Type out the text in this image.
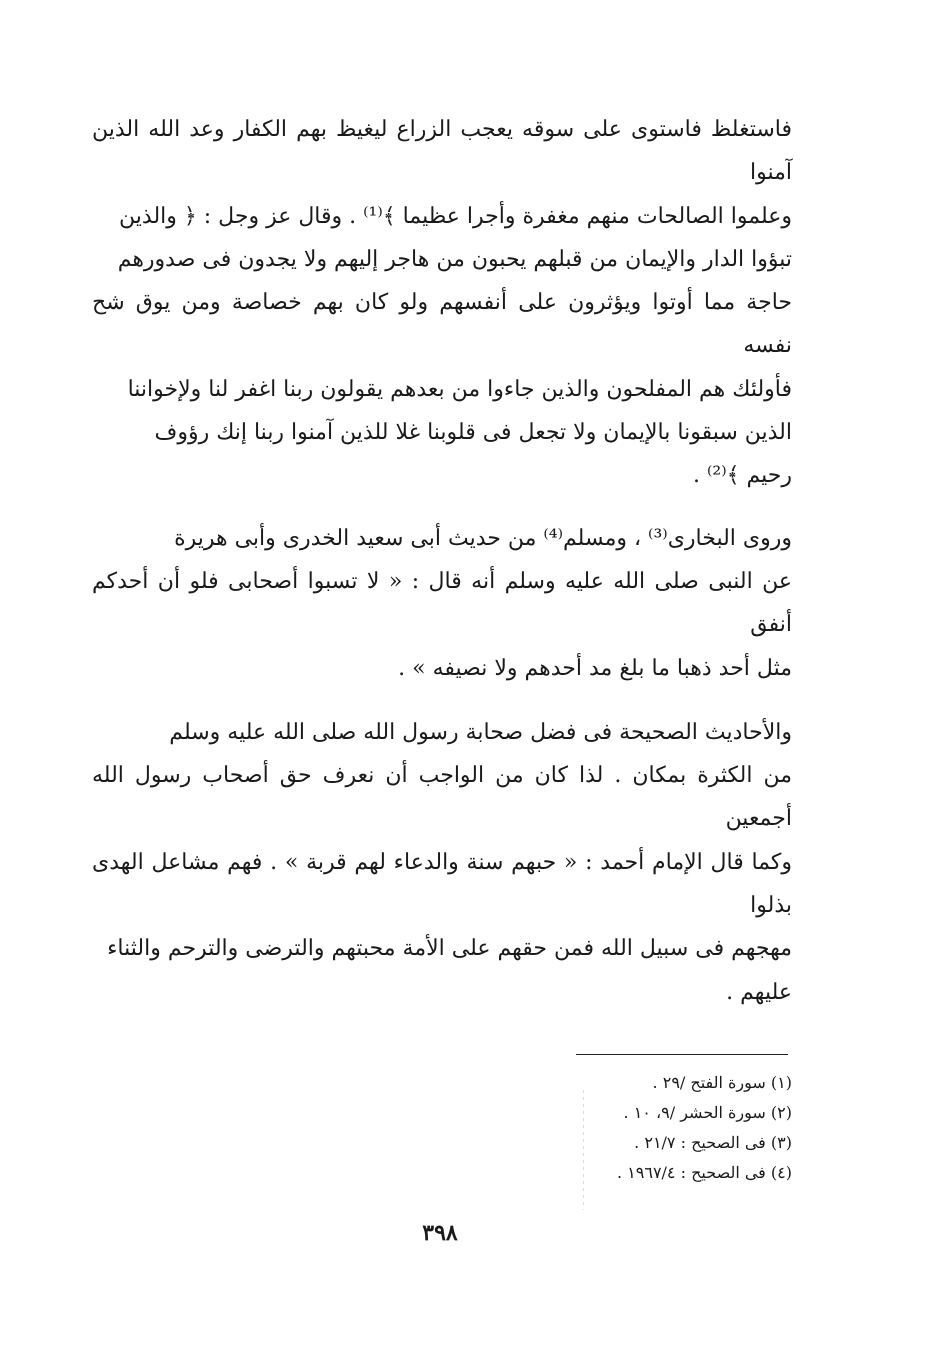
فاستغلظ فاستوى على سوقه يعجب الزراع ليغيظ بهم الكفار وعد الله الذين آمنوا
وعلموا الصالحات منهم مغفرة وأجرا عظيما ﴾⁽¹⁾ . وقال عز وجل : ﴿ والذين
تبؤوا الدار والإيمان من قبلهم يحبون من هاجر إليهم ولا يجدون فى صدورهم
حاجة مما أوتوا ويؤثرون على أنفسهم ولو كان بهم خصاصة ومن يوق شح نفسه
فأولئك هم المفلحون والذين جاءوا من بعدهم يقولون ربنا اغفر لنا ولإخواننا
الذين سبقونا بالإيمان ولا تجعل فى قلوبنا غلا للذين آمنوا ربنا إنك رؤوف
رحيم ﴾⁽²⁾ .

وروى البخارى⁽³⁾ ، ومسلم⁽⁴⁾ من حديث أبى سعيد الخدرى وأبى هريرة
عن النبى صلى الله عليه وسلم أنه قال : « لا تسبوا أصحابى فلو أن أحدكم أنفق
مثل أحد ذهبا ما بلغ مد أحدهم ولا نصيفه » .

والأحاديث الصحيحة فى فضل صحابة رسول الله صلى الله عليه وسلم
من الكثرة بمكان . لذا كان من الواجب أن نعرف حق أصحاب رسول الله أجمعين
وكما قال الإمام أحمد : « حبهم سنة والدعاء لهم قربة » . فهم مشاعل الهدى بذلوا
مهجهم فى سبيل الله فمن حقهم على الأمة محبتهم والترضى والترحم والثناء
عليهم .

(١) سورة الفتح /٢٩ .
(٢) سورة الحشر /٩، ١٠ .
(٣) فى الصحيح : ٢١/٧ .
(٤) فى الصحيح : ١٩٦٧/٤ .
٣٩٨
